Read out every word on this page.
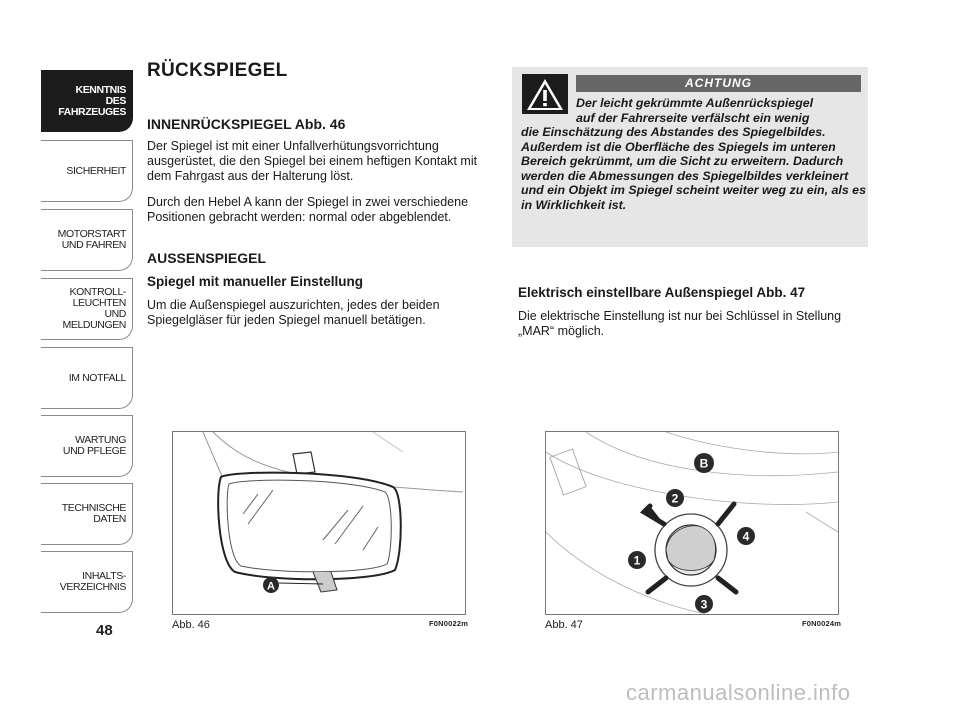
KENNTNIS
DES FAHRZEUGES
SICHERHEIT
MOTORSTART
UND FAHREN
KONTROLL-
LEUCHTEN
UND MELDUNGEN
IM NOTFALL
WARTUNG
UND PFLEGE
TECHNISCHE
DATEN
INHALTS-
VERZEICHNIS
48
RÜCKSPIEGEL
INNENRÜCKSPIEGEL Abb. 46

Der Spiegel ist mit einer Unfallverhütungsvorrichtung ausgerüstet, die den Spiegel bei einem heftigen Kontakt mit dem Fahrgast aus der Halterung löst.

Durch den Hebel A kann der Spiegel in zwei verschiedene Positionen gebracht werden: normal oder abgeblendet.

AUSSENSPIEGEL
Spiegel mit manueller Einstellung

Um die Außenspiegel auszurichten, jedes der beiden Spiegelgläser für jeden Spiegel manuell betätigen.

ACHTUNG

Der leicht gekrümmte Außenrückspiegel
auf der Fahrerseite verfälscht ein wenig
die Einschätzung des Abstandes des Spiegelbildes. Außerdem ist die Oberfläche des Spiegels im unteren Bereich gekrümmt, um die Sicht zu erweitern. Dadurch werden die Abmessungen des Spiegelbildes verkleinert und ein Objekt im Spiegel scheint weiter weg zu ein, als es in Wirklichkeit ist.

Elektrisch einstellbare Außenspiegel Abb. 47

Die elektrische Einstellung ist nur bei Schlüssel in Stellung „MAR“ möglich.

A
Abb. 46	F0N0022m
B
2
4
1
3
Abb. 47	F0N0024m
carmanualsonline.info
